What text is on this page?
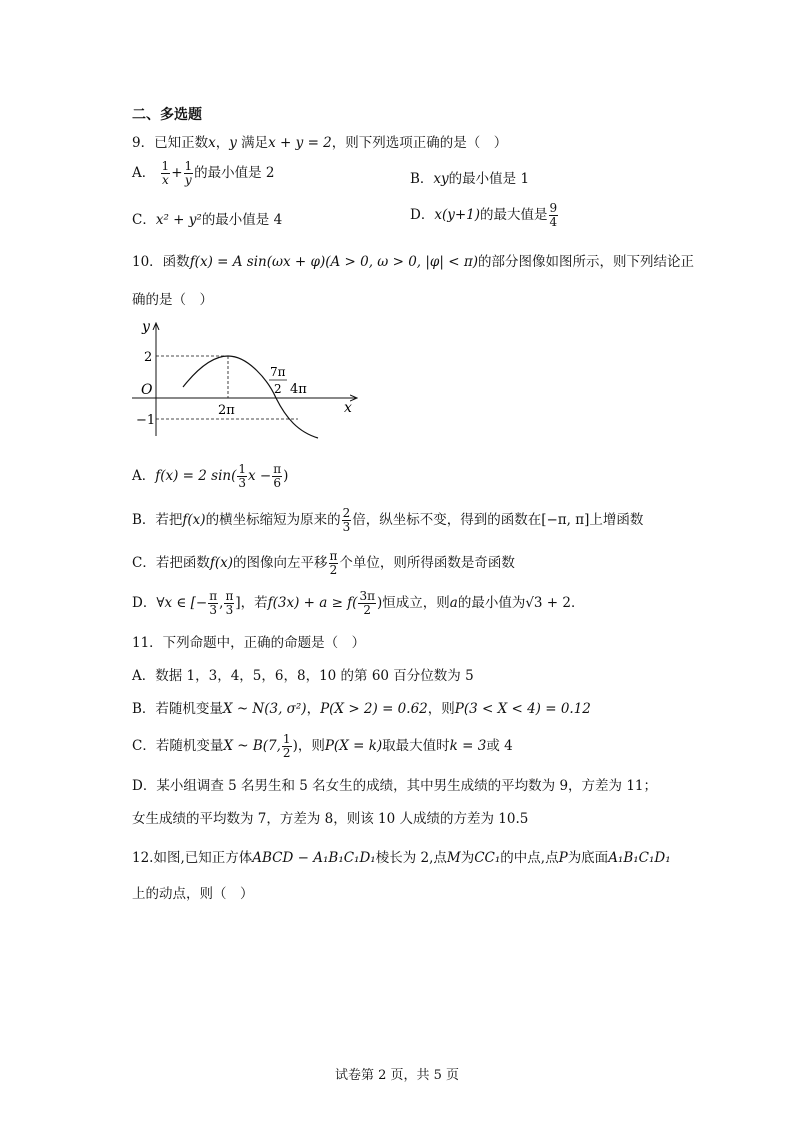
二、多选题
9．已知正数x，y 满足x + y = 2，则下列选项正确的是（　）
A． $\frac{1}{x} + \frac{1}{y}$ 的最小值是 2	B．xy的最小值是 1
C．x² + y²的最小值是 4	D．x(y+1)的最大值是 $\frac{9}{4}$
10．函数f(x) = A sin(ωx + φ)(A > 0, ω > 0, |φ| < π)的部分图像如图所示，则下列结论正
确的是（　）
y
x
O
2
−1
2π
7π
2 4π
A．f(x) = 2 $\sin( \frac{1}{3}$ $x - \frac{\pi}{6}$ )
B．若把f(x)的横坐标缩短为原来的 $\frac{2}{3}$ 倍，纵坐标不变，得到的函数在[−π, π]上增函数
C．若把函数f(x)的图像向左平移 $\frac{\pi}{2}$ 个单位，则所得函数是奇函数
D．∀x ∈ [− $\frac{\pi}{3}$ , $\frac{\pi}{3}$ ]，若$f(3x) + a \ge f( \frac{3\pi}{2}$ )恒成立，则a的最小值为√3 + 2．
11．下列命题中，正确的命题是（　）
A．数据 1，3，4，5，6，8，10 的第 60 百分位数为 5
B．若随机变量X ~ N(3, σ²)，P(X > 2) = 0.62，则P(3 < X < 4) = 0.12
C．若随机变量X ~ B(7, $\frac{1}{2}$ )，则P(X = k)取最大值时k = 3或 4
D．某小组调查 5 名男生和 5 名女生的成绩，其中男生成绩的平均数为 9，方差为 11；
女生成绩的平均数为 7，方差为 8，则该 10 人成绩的方差为 10.5
12.如图,已知正方体ABCD − A₁B₁C₁D₁棱长为 2,点M为CC₁的中点,点P为底面A₁B₁C₁D₁
上的动点，则（　）
试卷第 2 页，共 5 页
